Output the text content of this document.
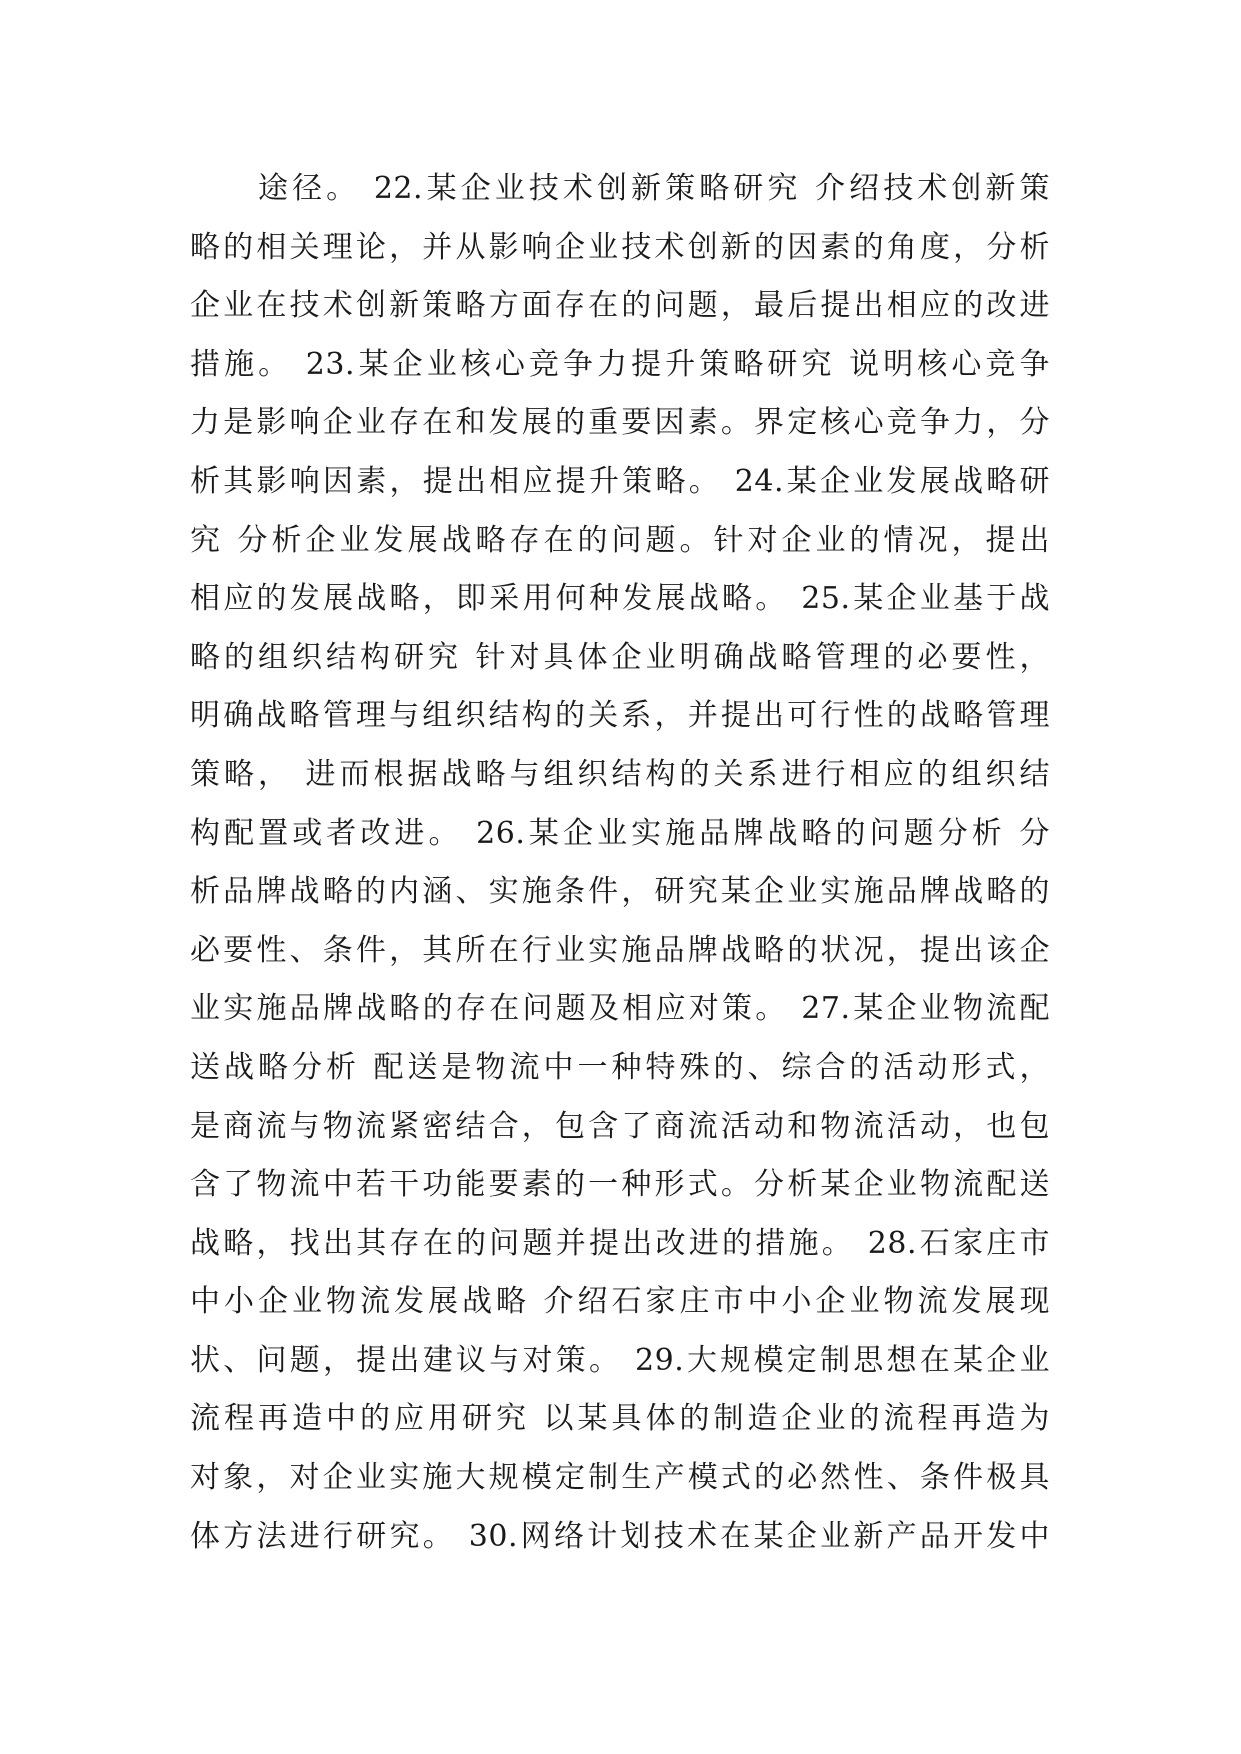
途径。 22.某企业技术创新策略研究 介绍技术创新策
略的相关理论，并从影响企业技术创新的因素的角度，分析
企业在技术创新策略方面存在的问题，最后提出相应的改进
措施。 23.某企业核心竞争力提升策略研究 说明核心竞争
力是影响企业存在和发展的重要因素。界定核心竞争力，分
析其影响因素，提出相应提升策略。 24.某企业发展战略研
究 分析企业发展战略存在的问题。针对企业的情况，提出
相应的发展战略，即采用何种发展战略。 25.某企业基于战
略的组织结构研究 针对具体企业明确战略管理的必要性，
明确战略管理与组织结构的关系，并提出可行性的战略管理
策略， 进而根据战略与组织结构的关系进行相应的组织结
构配置或者改进。 26.某企业实施品牌战略的问题分析 分
析品牌战略的内涵、实施条件，研究某企业实施品牌战略的
必要性、条件，其所在行业实施品牌战略的状况，提出该企
业实施品牌战略的存在问题及相应对策。 27.某企业物流配
送战略分析 配送是物流中一种特殊的、综合的活动形式，
是商流与物流紧密结合，包含了商流活动和物流活动，也包
含了物流中若干功能要素的一种形式。分析某企业物流配送
战略，找出其存在的问题并提出改进的措施。 28.石家庄市
中小企业物流发展战略 介绍石家庄市中小企业物流发展现
状、问题，提出建议与对策。 29.大规模定制思想在某企业
流程再造中的应用研究 以某具体的制造企业的流程再造为
对象，对企业实施大规模定制生产模式的必然性、条件极具
体方法进行研究。 30.网络计划技术在某企业新产品开发中
